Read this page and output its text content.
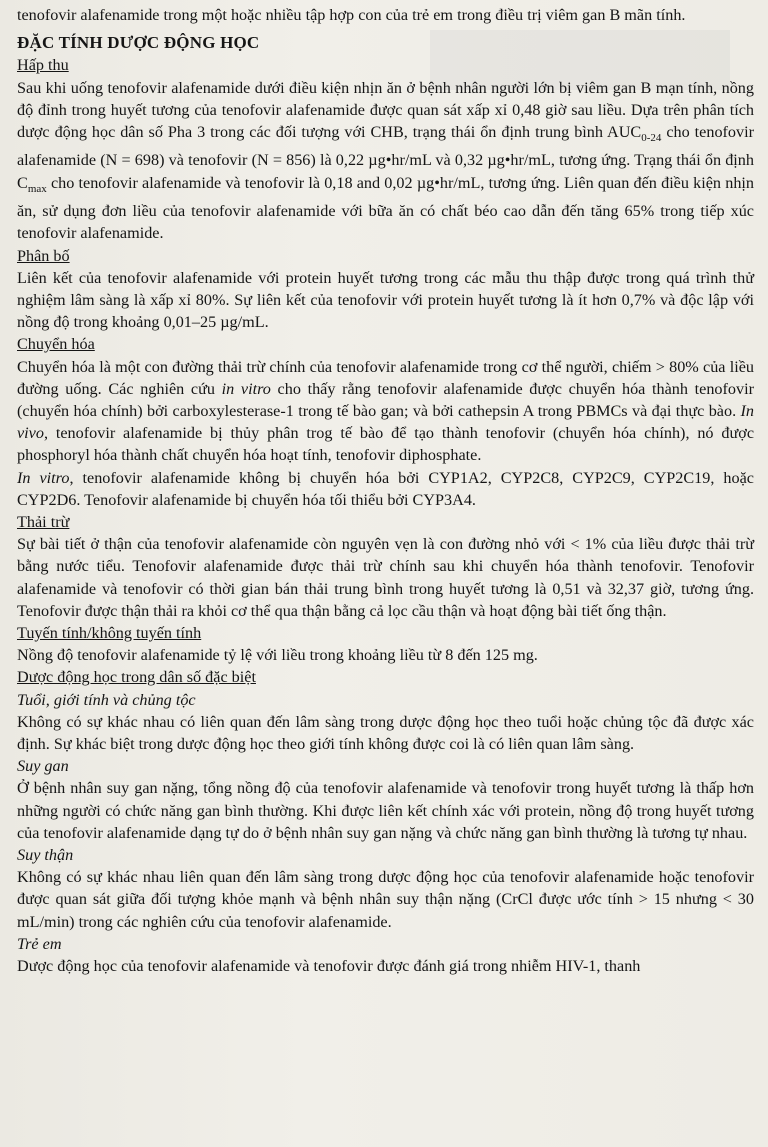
tenofovir alafenamide trong một hoặc nhiều tập hợp con của trẻ em trong điều trị viêm gan B mãn tính.

ĐẶC TÍNH DƯỢC ĐỘNG HỌC

Hấp thu

Sau khi uống tenofovir alafenamide dưới điều kiện nhịn ăn ở bệnh nhân người lớn bị viêm gan B mạn tính, nồng độ đỉnh trong huyết tương của tenofovir alafenamide được quan sát xấp xỉ 0,48 giờ sau liều. Dựa trên phân tích dược động học dân số Pha 3 trong các đối tượng với CHB, trạng thái ổn định trung bình $AUC_{0-24}$ cho tenofovir alafenamide (N = 698) và tenofovir (N = 856) là 0,22 µg•hr/mL và 0,32 µg•hr/mL, tương ứng. Trạng thái ổn định $C_{max}$ cho tenofovir alafenamide và tenofovir là 0,18 and 0,02 µg•hr/mL, tương ứng. Liên quan đến điều kiện nhịn ăn, sử dụng đơn liều của tenofovir alafenamide với bữa ăn có chất béo cao dẫn đến tăng 65% trong tiếp xúc tenofovir alafenamide.

Phân bố

Liên kết của tenofovir alafenamide với protein huyết tương trong các mẫu thu thập được trong quá trình thử nghiệm lâm sàng là xấp xỉ 80%. Sự liên kết của tenofovir với protein huyết tương là ít hơn 0,7% và độc lập với nồng độ trong khoảng 0,01–25 µg/mL.

Chuyển hóa

Chuyển hóa là một con đường thải trừ chính của tenofovir alafenamide trong cơ thể người, chiếm > 80% của liều đường uống. Các nghiên cứu in vitro cho thấy rằng tenofovir alafenamide được chuyển hóa thành tenofovir (chuyển hóa chính) bởi carboxylesterase-1 trong tế bào gan; và bởi cathepsin A trong PBMCs và đại thực bào. In vivo, tenofovir alafenamide bị thủy phân trog tế bào để tạo thành tenofovir (chuyển hóa chính), nó được phosphoryl hóa thành chất chuyển hóa hoạt tính, tenofovir diphosphate.

In vitro, tenofovir alafenamide không bị chuyển hóa bởi CYP1A2, CYP2C8, CYP2C9, CYP2C19, hoặc CYP2D6. Tenofovir alafenamide bị chuyển hóa tối thiểu bởi CYP3A4.

Thải trừ

Sự bài tiết ở thận của tenofovir alafenamide còn nguyên vẹn là con đường nhỏ với < 1% của liều được thải trừ bằng nước tiểu. Tenofovir alafenamide được thải trừ chính sau khi chuyển hóa thành tenofovir. Tenofovir alafenamide và tenofovir có thời gian bán thải trung bình trong huyết tương là 0,51 và 32,37 giờ, tương ứng. Tenofovir được thận thải ra khỏi cơ thể qua thận bằng cả lọc cầu thận và hoạt động bài tiết ống thận.

Tuyến tính/không tuyến tính

Nồng độ tenofovir alafenamide tỷ lệ với liều trong khoảng liều từ 8 đến 125 mg.

Dược động học trong dân số đặc biệt

Tuổi, giới tính và chủng tộc

Không có sự khác nhau có liên quan đến lâm sàng trong dược động học theo tuổi hoặc chủng tộc đã được xác định. Sự khác biệt trong dược động học theo giới tính không được coi là có liên quan lâm sàng.

Suy gan

Ở bệnh nhân suy gan nặng, tổng nồng độ của tenofovir alafenamide và tenofovir trong huyết tương là thấp hơn những người có chức năng gan bình thường. Khi được liên kết chính xác với protein, nồng độ trong huyết tương của tenofovir alafenamide dạng tự do ở bệnh nhân suy gan nặng và chức năng gan bình thường là tương tự nhau.

Suy thận

Không có sự khác nhau liên quan đến lâm sàng trong dược động học của tenofovir alafenamide hoặc tenofovir được quan sát giữa đối tượng khỏe mạnh và bệnh nhân suy thận nặng (CrCl được ước tính > 15 nhưng < 30 mL/min) trong các nghiên cứu của tenofovir alafenamide.

Trẻ em

Dược động học của tenofovir alafenamide và tenofovir được đánh giá trong nhiễm HIV-1, thanh
